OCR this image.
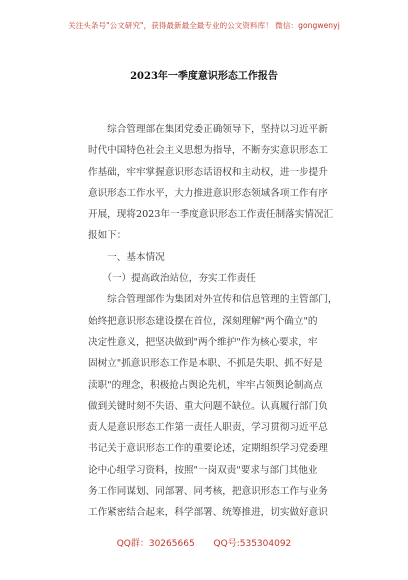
关注头条号"公文研究"，获得最新最全最专业的公文资料库！ 微信：gongwenyj
2023年一季度意识形态工作报告
　　综合管理部在集团党委正确领导下，坚持以习近平新
时代中国特色社会主义思想为指导，不断夯实意识形态工
作基础，牢牢掌握意识形态话语权和主动权，进一步提升
意识形态工作水平，大力推进意识形态领域各项工作有序
开展，现将2023年一季度意识形态工作责任制落实情况汇
报如下：
　　一、基本情况
　　（一）提高政治站位，夯实工作责任
　　综合管理部作为集团对外宣传和信息管理的主管部门，
始终把意识形态建设摆在首位，深刻理解"两个确立"的
决定性意义，把坚决做到"两个维护"作为核心要求，牢
固树立"抓意识形态工作是本职、不抓是失职、抓不好是
渎职"的理念，积极抢占舆论先机，牢牢占领舆论制高点
做到关键时刻不失语、重大问题不缺位。认真履行部门负
责人是意识形态工作第一责任人职责，学习贯彻习近平总
书记关于意识形态工作的重要论述，定期组织学习党委理
论中心组学习资料，按照"一岗双责"要求与部门其他业
务工作同谋划、同部署、同考核，把意识形态工作与业务
工作紧密结合起来，科学部署、统筹推进，切实做好意识
QQ群：30265665 QQ号:535304092
